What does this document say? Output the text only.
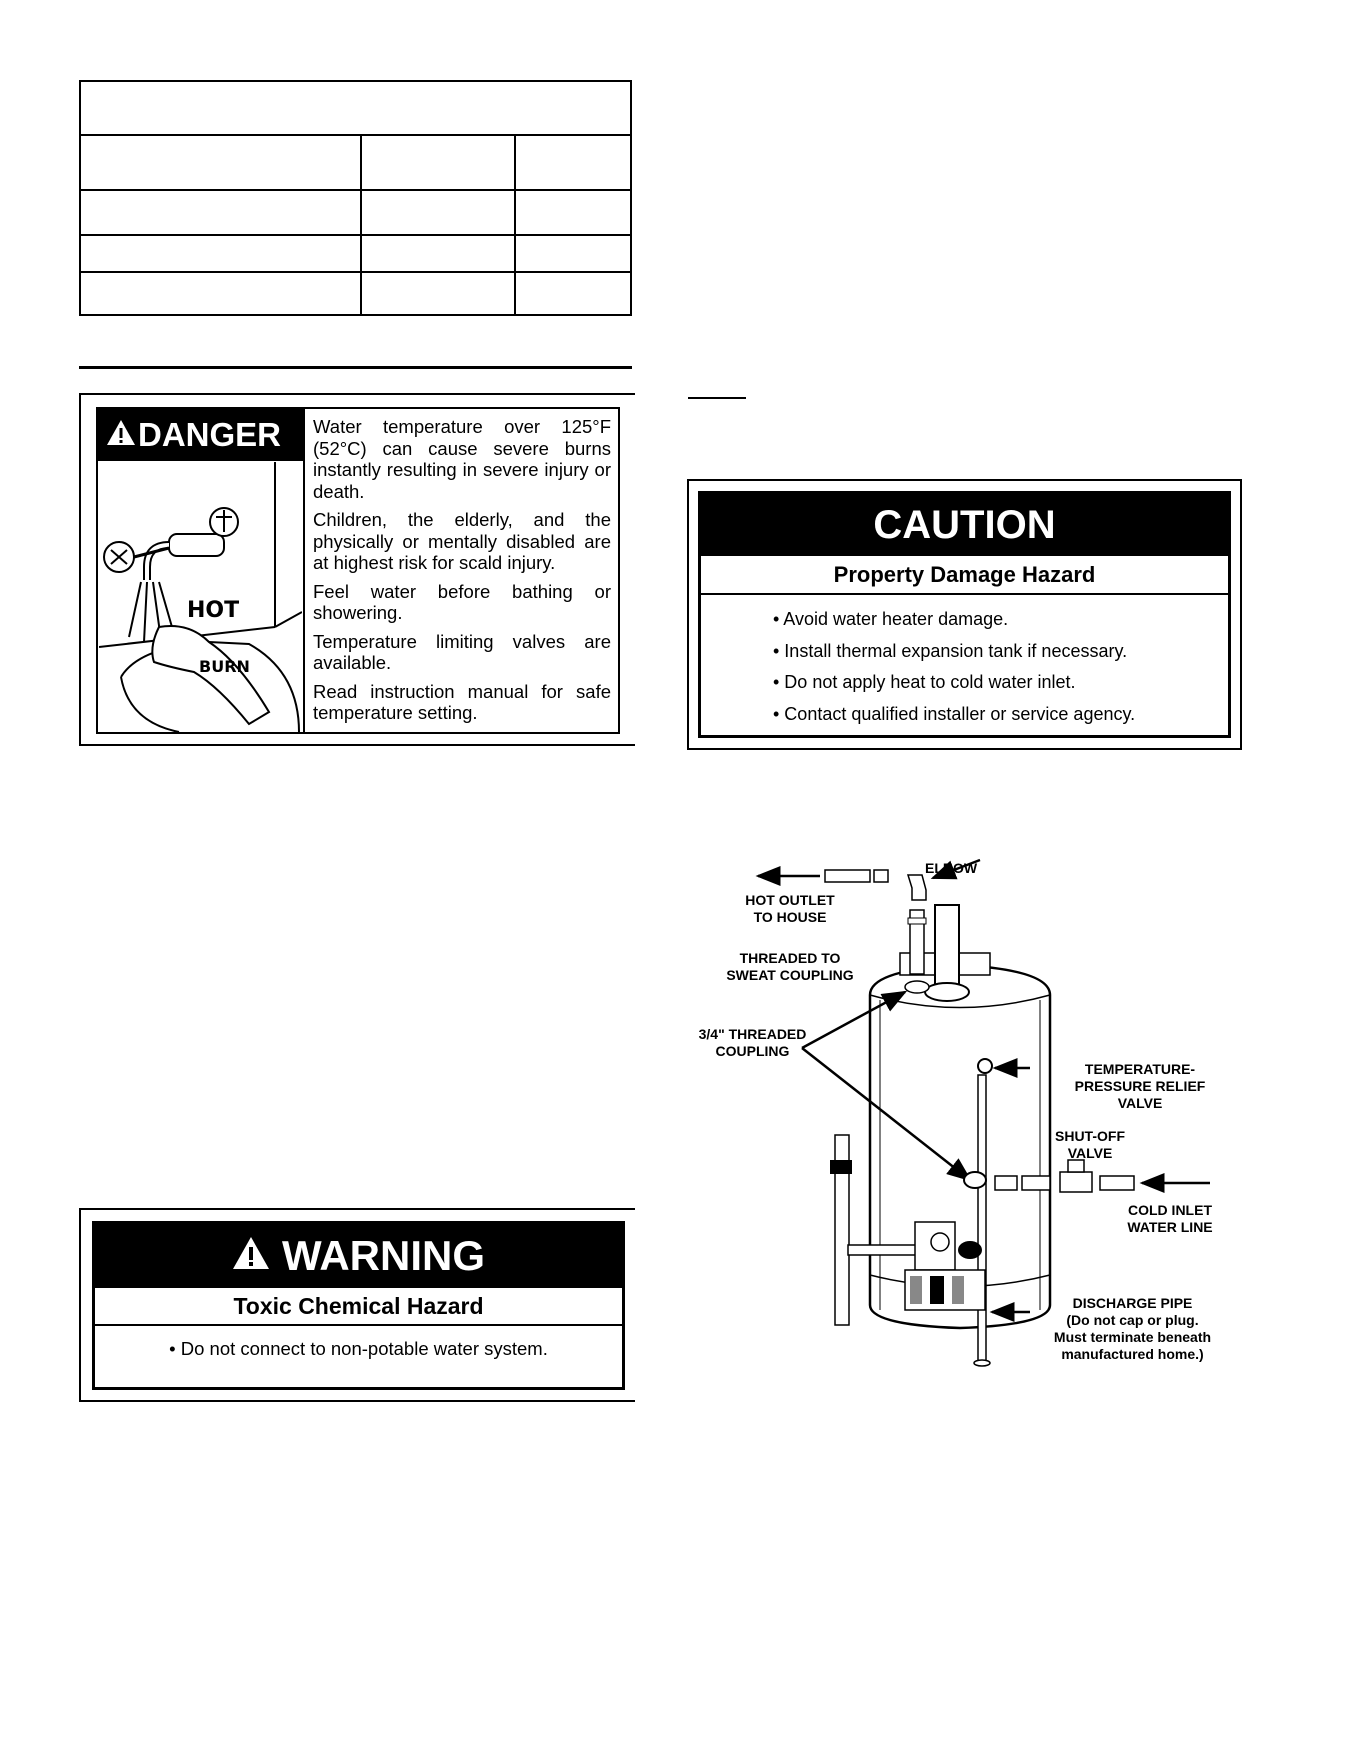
DANGER
HOT
BURN

Water temperature over 125°F (52°C) can cause severe burns instantly resulting in severe injury or death.

Children, the elderly, and the physically or mentally disabled are at highest risk for scald injury.

Feel water before bathing or showering.

Temperature limiting valves are available.

Read instruction manual for safe temperature setting.

WARNING
Toxic Chemical Hazard
• Do not connect to non-potable water system.
CAUTION
Property Damage Hazard
• Avoid water heater damage.
• Install thermal expansion tank if necessary.
• Do not apply heat to cold water inlet.
• Contact qualified installer or service agency.
ELBOW
HOT OUTLET
TO HOUSE
THREADED TO
SWEAT COUPLING
3/4" THREADED
COUPLING
TEMPERATURE-
PRESSURE RELIEF
VALVE
SHUT-OFF
VALVE
COLD INLET
WATER LINE
DISCHARGE PIPE
(Do not cap or plug.
Must terminate beneath
manufactured home.)
